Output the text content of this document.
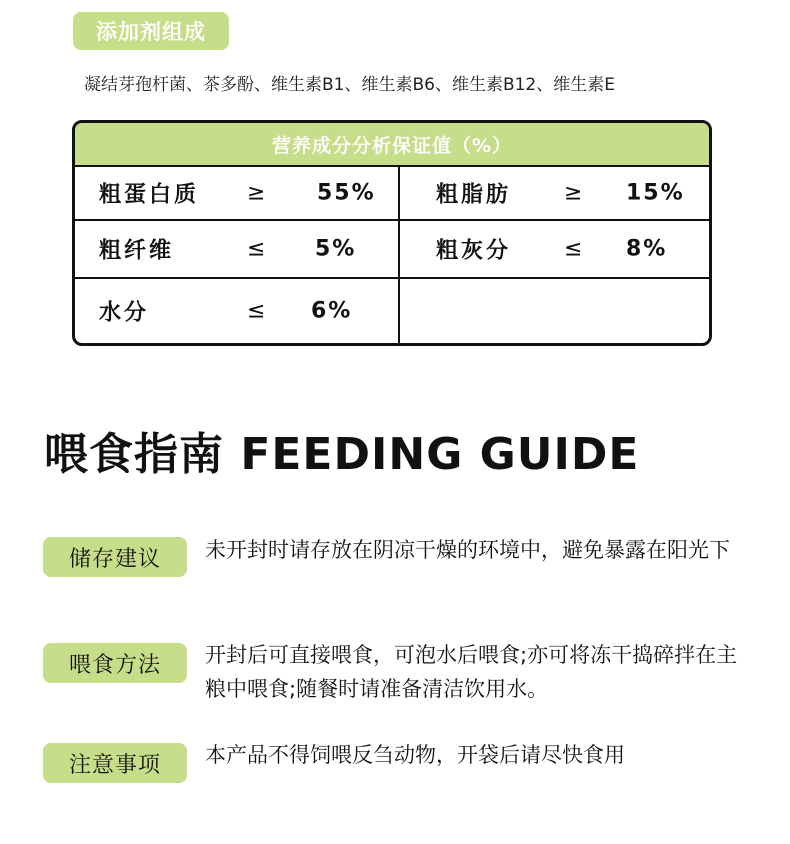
添加剂组成
凝结芽孢杆菌、茶多酚、维生素B1、维生素B6、维生素B12、维生素E
营养成分分析保证值（%）
粗蛋白质 ≥ 55%	粗脂肪 ≥ 15%
粗纤维	≤ 5%	粗灰分 ≤ 8%
水分	≤ 6%
喂食指南 FEEDING GUIDE
储存建议	未开封时请存放在阴凉干燥的环境中，避免暴露在阳光下
喂食方法	开封后可直接喂食，可泡水后喂食;亦可将冻干捣碎拌在主粮中喂食;随餐时请准备清洁饮用水。
注意事项	本产品不得饲喂反刍动物，开袋后请尽快食用
